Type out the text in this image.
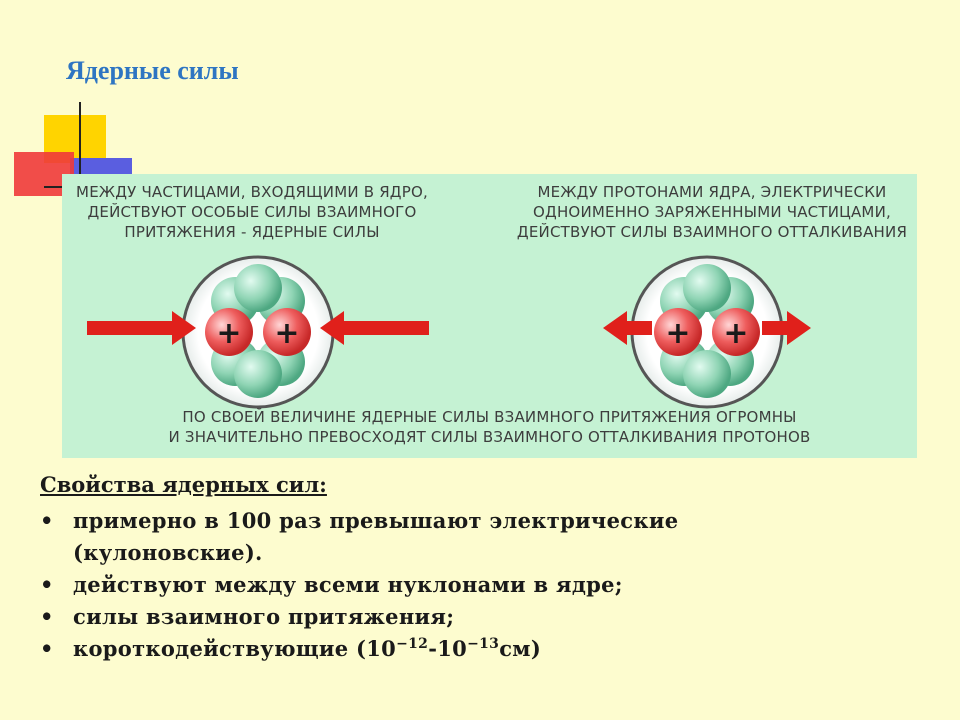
Ядерные силы
МЕЖДУ ЧАСТИЦАМИ, ВХОДЯЩИМИ В ЯДРО,
ДЕЙСТВУЮТ ОСОБЫЕ СИЛЫ ВЗАИМНОГО
ПРИТЯЖЕНИЯ - ЯДЕРНЫЕ СИЛЫ
МЕЖДУ ПРОТОНАМИ ЯДРА, ЭЛЕКТРИЧЕСКИ
ОДНОИМЕННО ЗАРЯЖЕННЫМИ ЧАСТИЦАМИ,
ДЕЙСТВУЮТ СИЛЫ ВЗАИМНОГО ОТТАЛКИВАНИЯ
+ +	+ +
ПО СВОЕЙ ВЕЛИЧИНЕ ЯДЕРНЫЕ СИЛЫ ВЗАИМНОГО ПРИТЯЖЕНИЯ ОГРОМНЫ
И ЗНАЧИТЕЛЬНО ПРЕВОСХОДЯТ СИЛЫ ВЗАИМНОГО ОТТАЛКИВАНИЯ ПРОТОНОВ
Свойства ядерных сил:
• примерно в 100 раз превышают электрические
(кулоновские).
• действуют между всеми нуклонами в ядре;
• силы взаимного притяжения;
• короткодействующие $(10^{-12}-10^{-13}см)$
